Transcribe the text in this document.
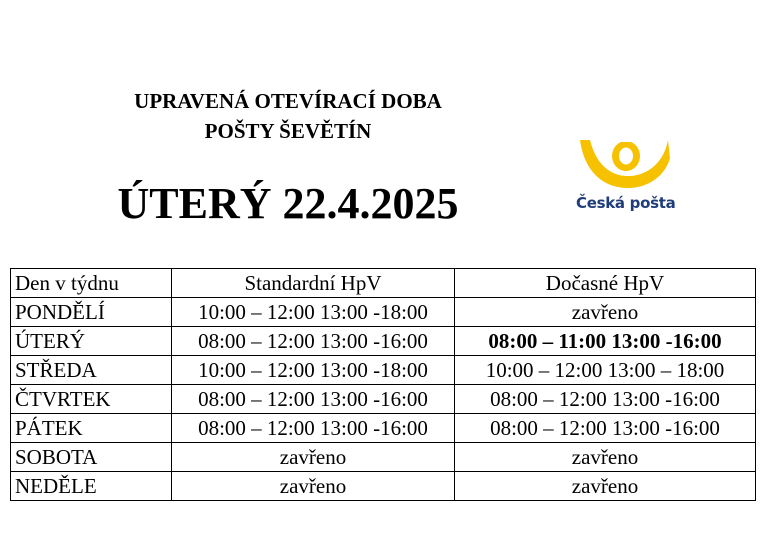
UPRAVENÁ OTEVÍRACÍ DOBA
POŠTY ŠEVĚTÍN
ÚTERÝ 22.4.2025	Česká pošta
Den v týdnu	Standardní HpV	Dočasné HpV
PONDĚLÍ	10:00 – 12:00 13:00 -18:00	zavřeno
ÚTERÝ	08:00 – 12:00 13:00 -16:00	08:00 – 11:00 13:00 -16:00
STŘEDA	10:00 – 12:00 13:00 -18:00	10:00 – 12:00 13:00 – 18:00
ČTVRTEK	08:00 – 12:00 13:00 -16:00	08:00 – 12:00 13:00 -16:00
PÁTEK	08:00 – 12:00 13:00 -16:00	08:00 – 12:00 13:00 -16:00
SOBOTA	zavřeno	zavřeno
NEDĚLE	zavřeno	zavřeno
